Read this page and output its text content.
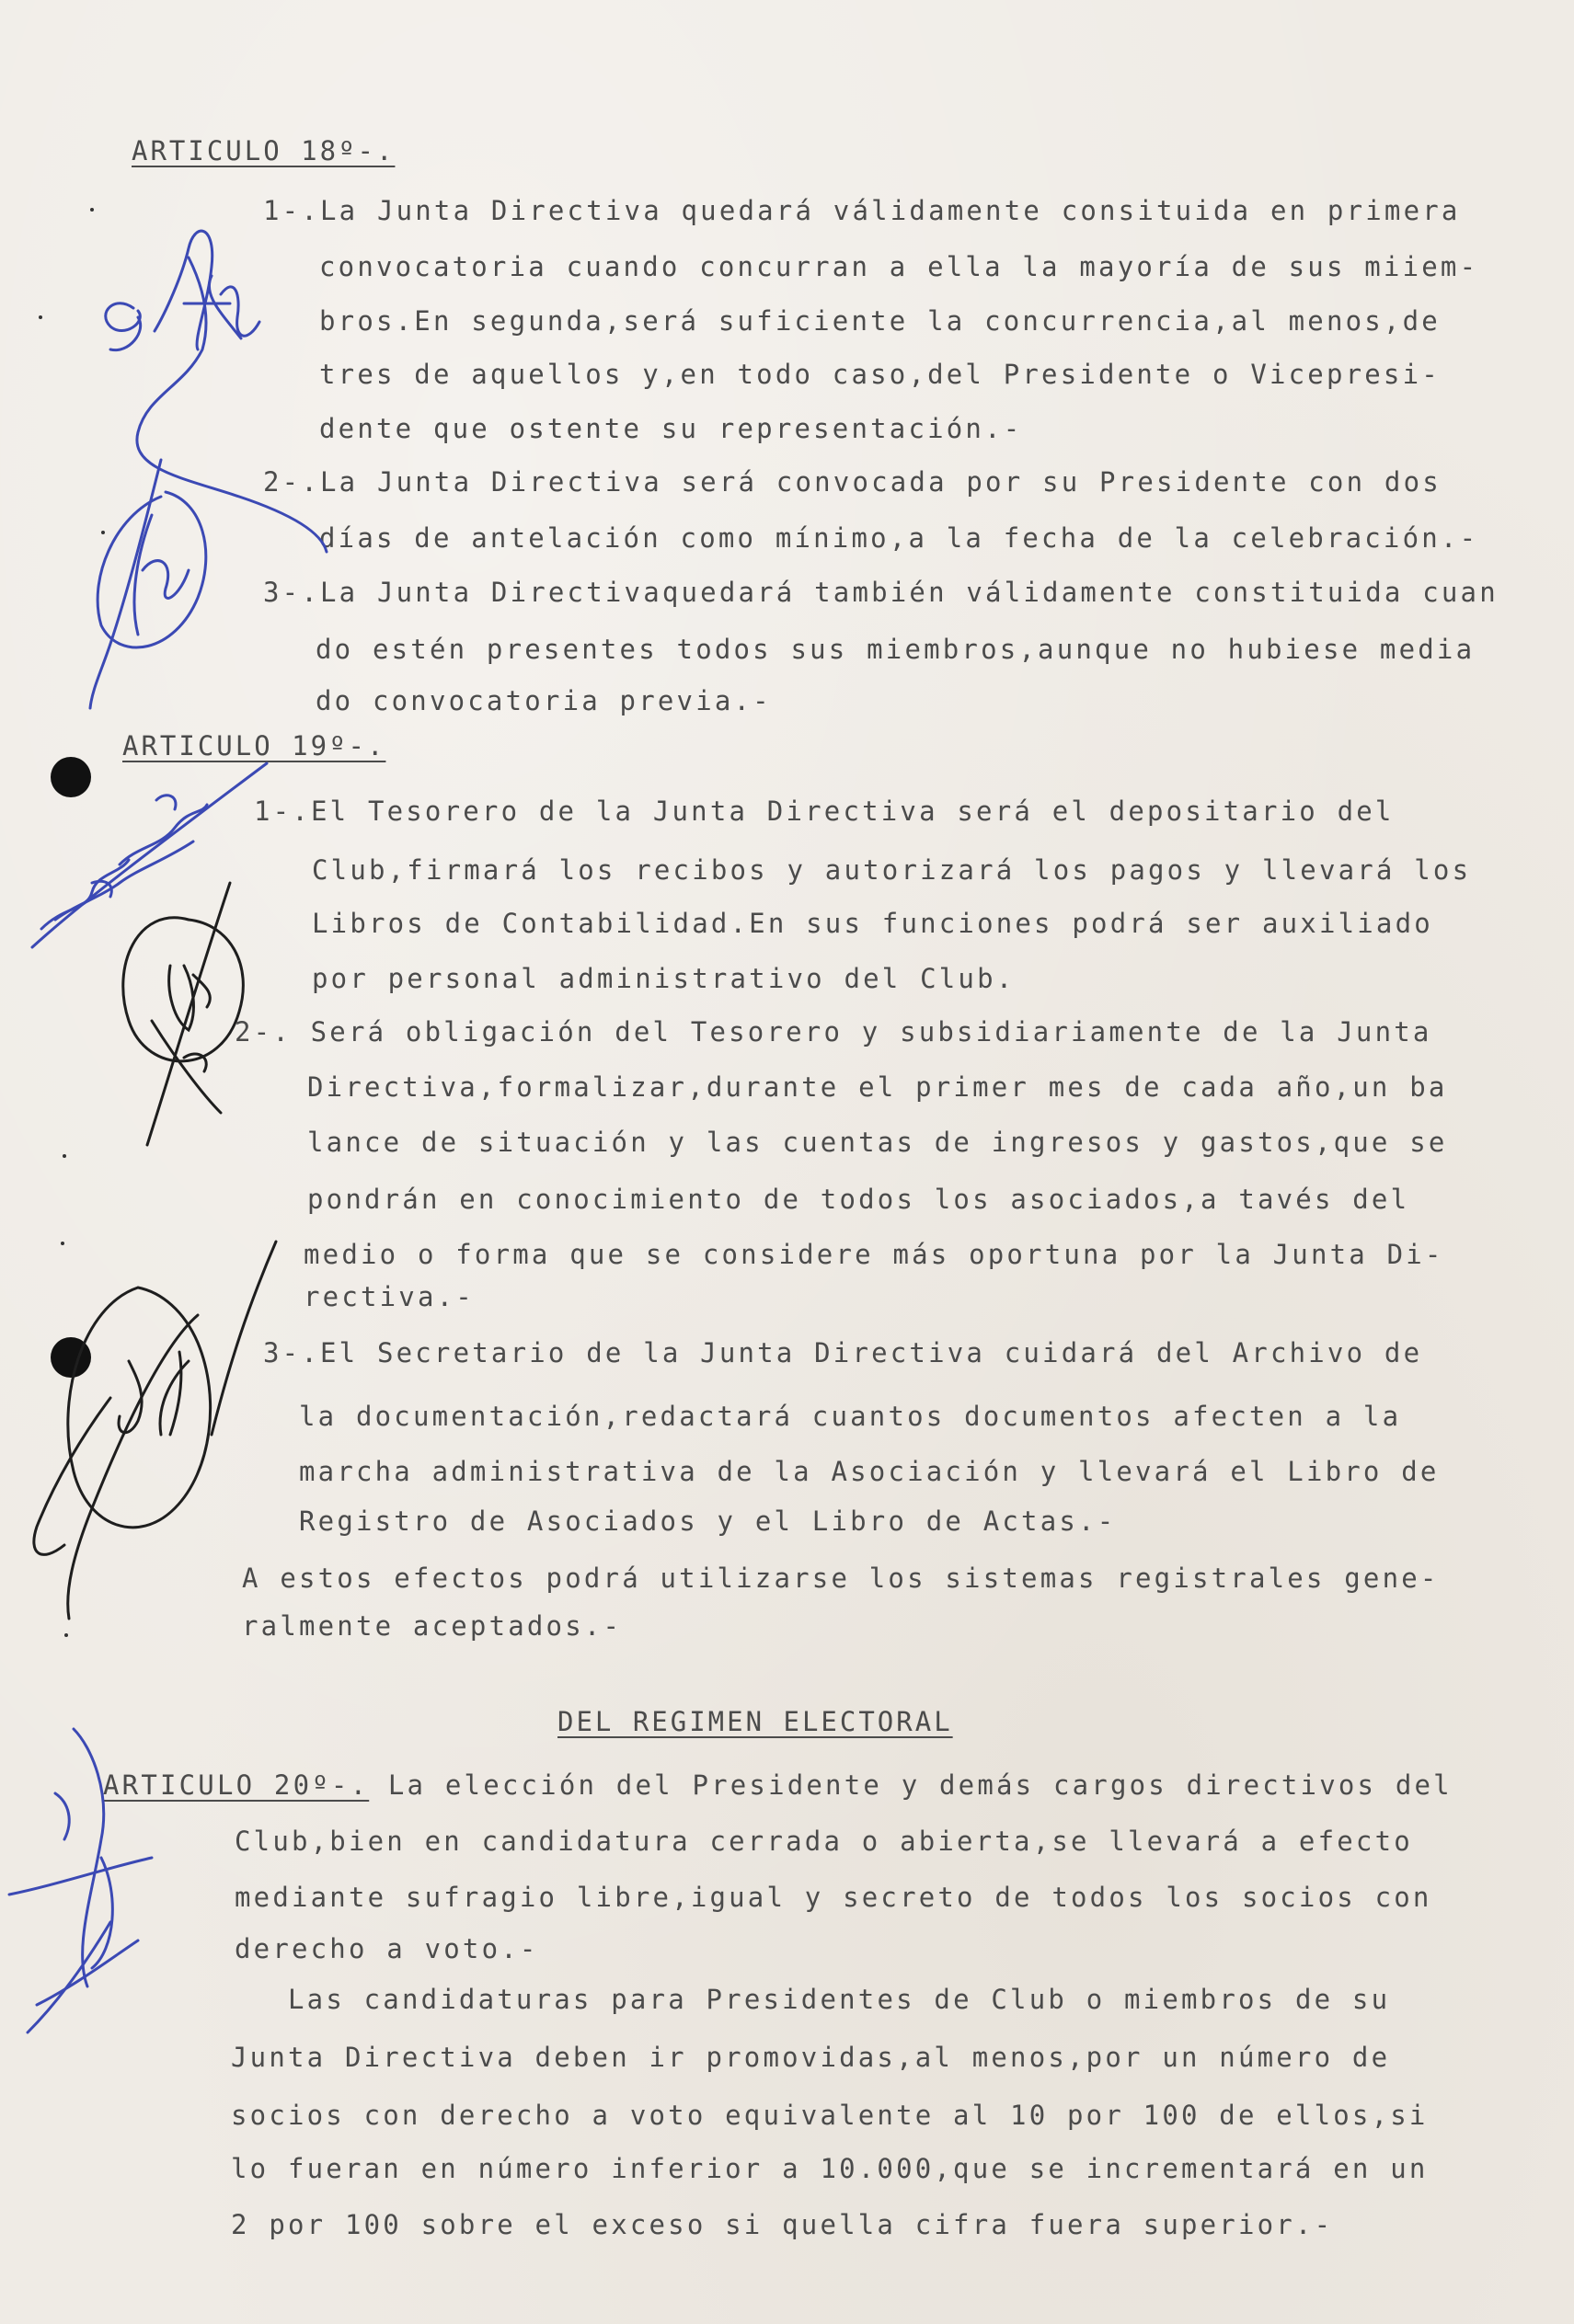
ARTICULO 18º-.
1-.La Junta Directiva quedará válidamente consituida en primera
convocatoria cuando concurran a ella la mayoría de sus miiem-
bros.En segunda,será suficiente la concurrencia,al menos,de
tres de aquellos y,en todo caso,del Presidente o Vicepresi-
dente que ostente su representación.-
2-.La Junta Directiva será convocada por su Presidente con dos
días de antelación como mínimo,a la fecha de la celebración.-
3-.La Junta Directivaquedará también válidamente constituida cuan
do estén presentes todos sus miembros,aunque no hubiese media
do convocatoria previa.-
ARTICULO 19º-.
1-.El Tesorero de la Junta Directiva será el depositario del
Club,firmará los recibos y autorizará los pagos y llevará los
Libros de Contabilidad.En sus funciones podrá ser auxiliado
por personal administrativo del Club.
2-. Será obligación del Tesorero y subsidiariamente de la Junta
Directiva,formalizar,durante el primer mes de cada año,un ba
lance de situación y las cuentas de ingresos y gastos,que se
pondrán en conocimiento de todos los asociados,a tavés del
medio o forma que se considere más oportuna por la Junta Di-
rectiva.-
3-.El Secretario de la Junta Directiva cuidará del Archivo de
la documentación,redactará cuantos documentos afecten a la
marcha administrativa de la Asociación y llevará el Libro de
Registro de Asociados y el Libro de Actas.-
A estos efectos podrá utilizarse los sistemas registrales gene-
ralmente aceptados.-
DEL REGIMEN ELECTORAL
ARTICULO 20º-. La elección del Presidente y demás cargos directivos del
Club,bien en candidatura cerrada o abierta,se llevará a efecto
mediante sufragio libre,igual y secreto de todos los socios con
derecho a voto.-
Las candidaturas para Presidentes de Club o miembros de su
Junta Directiva deben ir promovidas,al menos,por un número de
socios con derecho a voto equivalente al 10 por 100 de ellos,si
lo fueran en número inferior a 10.000,que se incrementará en un
2 por 100 sobre el exceso si quella cifra fuera superior.-
